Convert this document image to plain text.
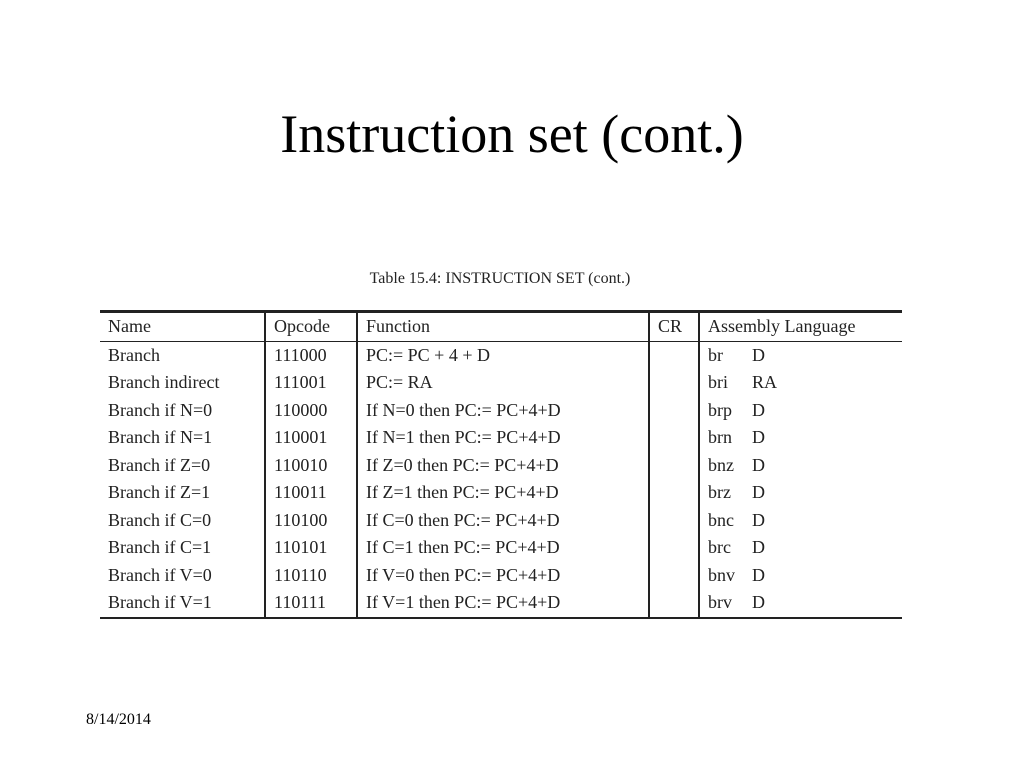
Instruction set (cont.)
Table 15.4: INSTRUCTION SET (cont.)
Name	Opcode	Function	CR	Assembly Language
Branch	111000	PC:= PC + 4 + D		br D
Branch indirect	111001	PC:= RA		bri RA
Branch if N=0	110000	If N=0 then PC:= PC+4+D		brp D
Branch if N=1	110001	If N=1 then PC:= PC+4+D		brn D
Branch if Z=0	110010	If Z=0 then PC:= PC+4+D		bnz D
Branch if Z=1	110011	If Z=1 then PC:= PC+4+D		brz D
Branch if C=0	110100	If C=0 then PC:= PC+4+D		bnc D
Branch if C=1	110101	If C=1 then PC:= PC+4+D		brc D
Branch if V=0	110110	If V=0 then PC:= PC+4+D		bnv D
Branch if V=1	110111	If V=1 then PC:= PC+4+D		brv D
8/14/2014
